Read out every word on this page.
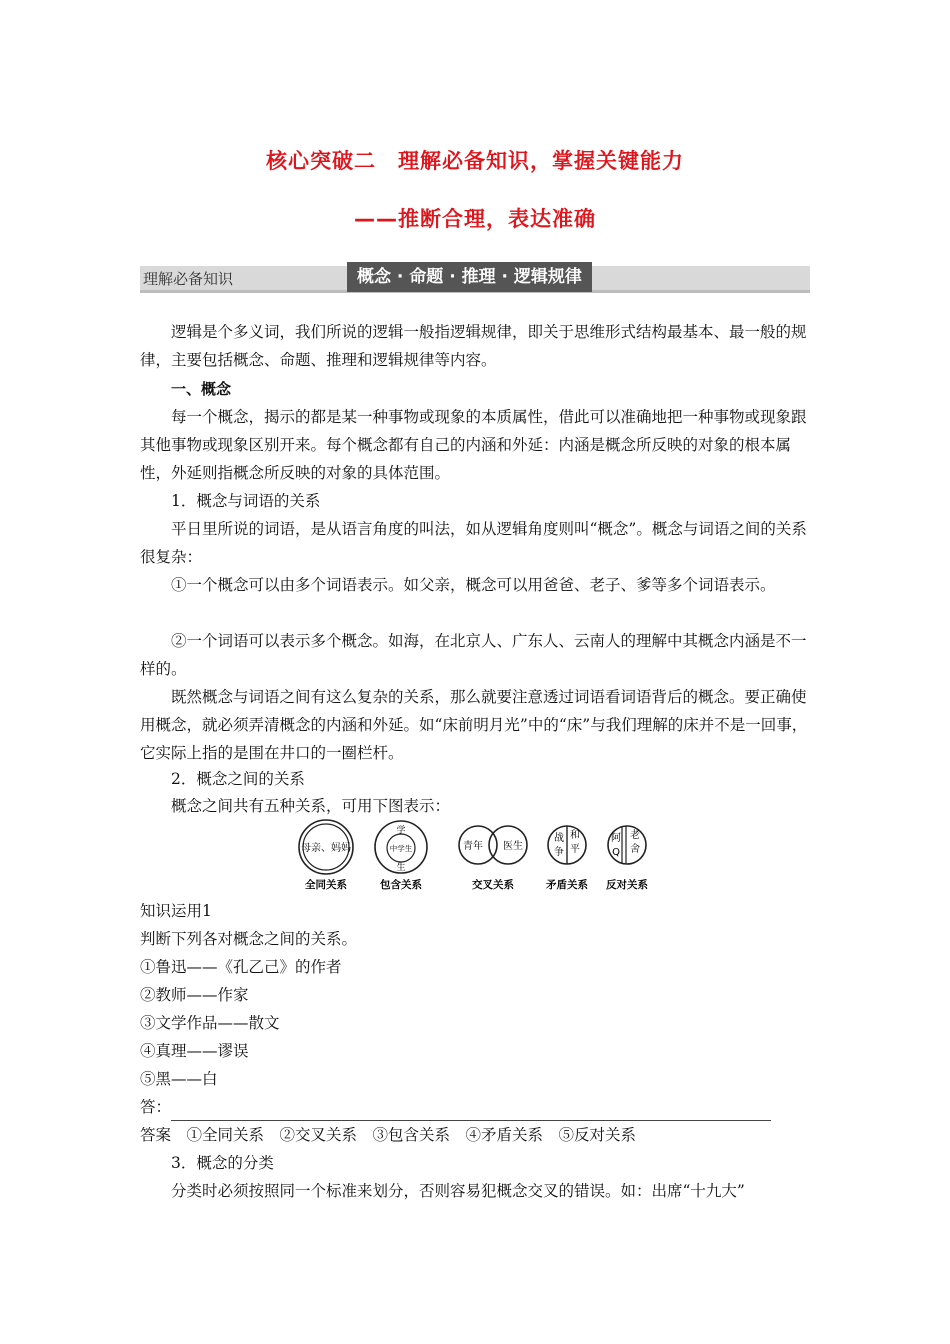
核心突破二　理解必备知识，掌握关键能力
——推断合理，表达准确
理解必备知识	概念 · 命题 · 推理 · 逻辑规律

逻辑是个多义词，我们所说的逻辑一般指逻辑规律，即关于思维形式结构最基本、最一般的规律，主要包括概念、命题、推理和逻辑规律等内容。

一、概念

每一个概念，揭示的都是某一种事物或现象的本质属性，借此可以准确地把一种事物或现象跟其他事物或现象区别开来。每个概念都有自己的内涵和外延：内涵是概念所反映的对象的根本属性，外延则指概念所反映的对象的具体范围。

1．概念与词语的关系

平日里所说的词语，是从语言角度的叫法，如从逻辑角度则叫“概念”。概念与词语之间的关系很复杂：

①一个概念可以由多个词语表示。如父亲，概念可以用爸爸、老子、爹等多个词语表示。

②一个词语可以表示多个概念。如海，在北京人、广东人、云南人的理解中其概念内涵是不一样的。

既然概念与词语之间有这么复杂的关系，那么就要注意透过词语看词语背后的概念。要正确使用概念，就必须弄清概念的内涵和外延。如“床前明月光”中的“床”与我们理解的床并不是一回事，它实际上指的是围在井口的一圈栏杆。

2．概念之间的关系

概念之间共有五种关系，可用下图表示：

母亲、妈妈
全同关系
学
中学生
生
包含关系
青年 医生
交叉关系
战
争
和
平
矛盾关系
阿
Q
老
舍
反对关系

知识运用1

判断下列各对概念之间的关系。

①鲁迅——《孔乙己》的作者

②教师——作家

③文学作品——散文

④真理——谬误

⑤黑——白

答：

答案　①全同关系　②交叉关系　③包含关系　④矛盾关系　⑤反对关系

3．概念的分类

分类时必须按照同一个标准来划分，否则容易犯概念交叉的错误。如：出席“十九大”
